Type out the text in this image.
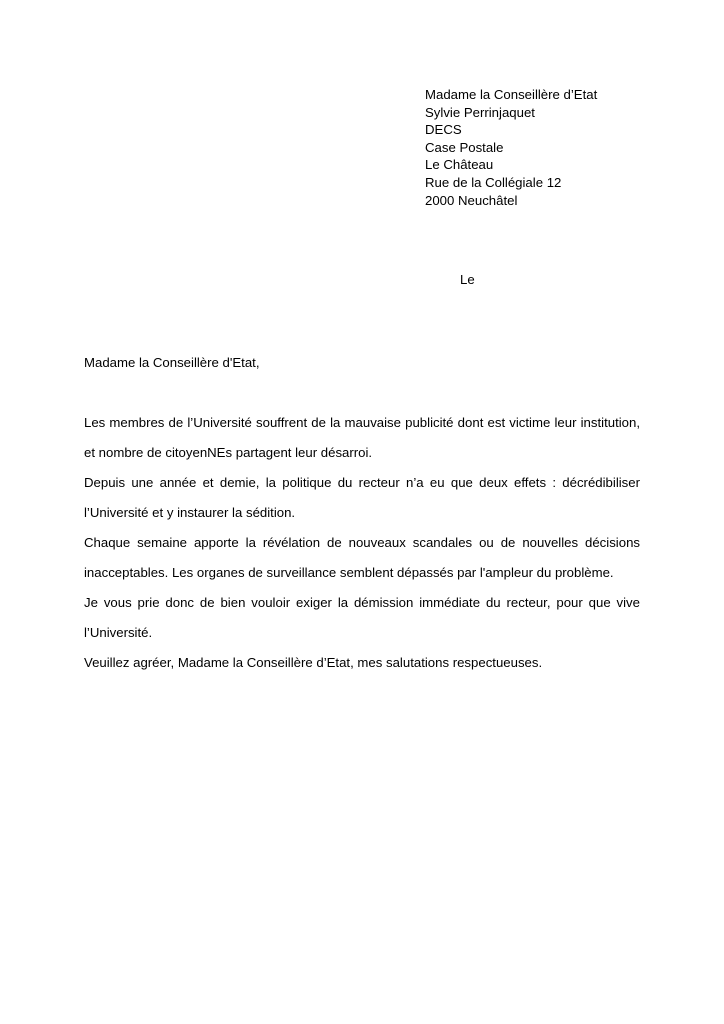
Madame la Conseillère d’Etat
Sylvie Perrinjaquet
DECS
Case Postale
Le Château
Rue de la Collégiale 12
2000 Neuchâtel
Le

Madame la Conseillère d'Etat,

Les membres de l’Université souffrent de la mauvaise publicité dont est victime leur institution, et nombre de citoyenNEs partagent leur désarroi.

Depuis une année et demie, la politique du recteur n’a eu que deux effets : décrédibiliser l’Université et y instaurer la sédition.

Chaque semaine apporte la révélation de nouveaux scandales ou de nouvelles décisions inacceptables. Les organes de surveillance semblent dépassés par l'ampleur du problème.

Je vous prie donc de bien vouloir exiger la démission immédiate du recteur, pour que vive l’Université.

Veuillez agréer, Madame la Conseillère d’Etat, mes salutations respectueuses.
